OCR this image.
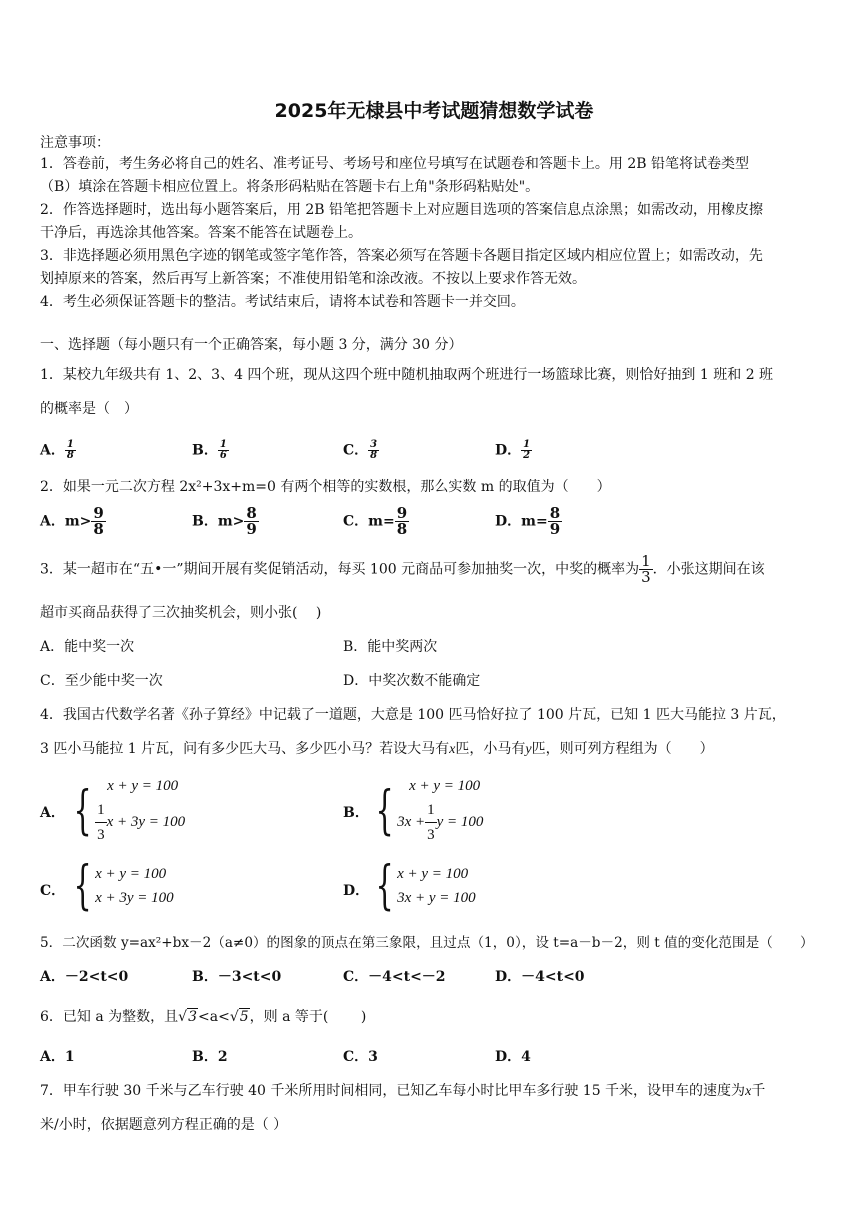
2025年无棣县中考试题猜想数学试卷
注意事项：
1．答卷前，考生务必将自己的姓名、准考证号、考场号和座位号填写在试题卷和答题卡上。用 2B 铅笔将试卷类型
（B）填涂在答题卡相应位置上。将条形码粘贴在答题卡右上角"条形码粘贴处"。
2．作答选择题时，选出每小题答案后，用 2B 铅笔把答题卡上对应题目选项的答案信息点涂黑；如需改动，用橡皮擦
干净后，再选涂其他答案。答案不能答在试题卷上。
3．非选择题必须用黑色字迹的钢笔或签字笔作答，答案必须写在答题卡各题目指定区域内相应位置上；如需改动，先
划掉原来的答案，然后再写上新答案；不准使用铅笔和涂改液。不按以上要求作答无效。
4．考生必须保证答题卡的整洁。考试结束后，请将本试卷和答题卡一并交回。
一、选择题（每小题只有一个正确答案，每小题 3 分，满分 30 分）
1．某校九年级共有 1、2、3、4 四个班，现从这四个班中随机抽取两个班进行一场篮球比赛，则恰好抽到 1 班和 2 班
的概率是（　）
A． $\frac{1}{8}$	B． $\frac{1}{6}$	C． $\frac{3}{8}$	D． $\frac{1}{2}$
2．如果一元二次方程 2x²+3x+m=0 有两个相等的实数根，那么实数 m 的取值为（　　）
A．$m> \frac{9}{8}$	B．$m> \frac{8}{9}$	C．$m= \frac{9}{8}$	D．$m= \frac{8}{9}$
3．某一超市在“五•一”期间开展有奖促销活动，每买 100 元商品可参加抽奖一次，中奖的概率为 $\frac{1}{3}$ ．小张这期间在该
超市买商品获得了三次抽奖机会，则小张(　 )
A．能中奖一次	B．能中奖两次
C．至少能中奖一次	D．中奖次数不能确定
4．我国古代数学名著《孙子算经》中记载了一道题，大意是 100 匹马恰好拉了 100 片瓦，已知 1 匹大马能拉 3 片瓦，
3 匹小马能拉 1 片瓦，问有多少匹大马、多少匹小马？若设大马有x匹，小马有y匹，则可列方程组为（　　）
A． { x + y = 100
$\frac{1}{3}$ x + 3y = 100
B． { x + y = 100
$3x + \frac{1}{3}$ y = 100
C． { x + y = 100
x + 3y = 100	D． { x + y = 100
3x + y = 100
5．二次函数 y=ax²+bx－2（a≠0）的图象的顶点在第三象限，且过点（1，0），设 t=a－b－2，则 t 值的变化范围是（　　）
A．－2<t<0	B．－3<t<0	C．－4<t<－2	D．－4<t<0
6．已知 a 为整数，且√3<a<√5，则 a 等于(　　 )
A．1	B．2	C．3	D．4
7．甲车行驶 30 千米与乙车行驶 40 千米所用时间相同，已知乙车每小时比甲车多行驶 15 千米，设甲车的速度为x千
米/小时，依据题意列方程正确的是（ ）
